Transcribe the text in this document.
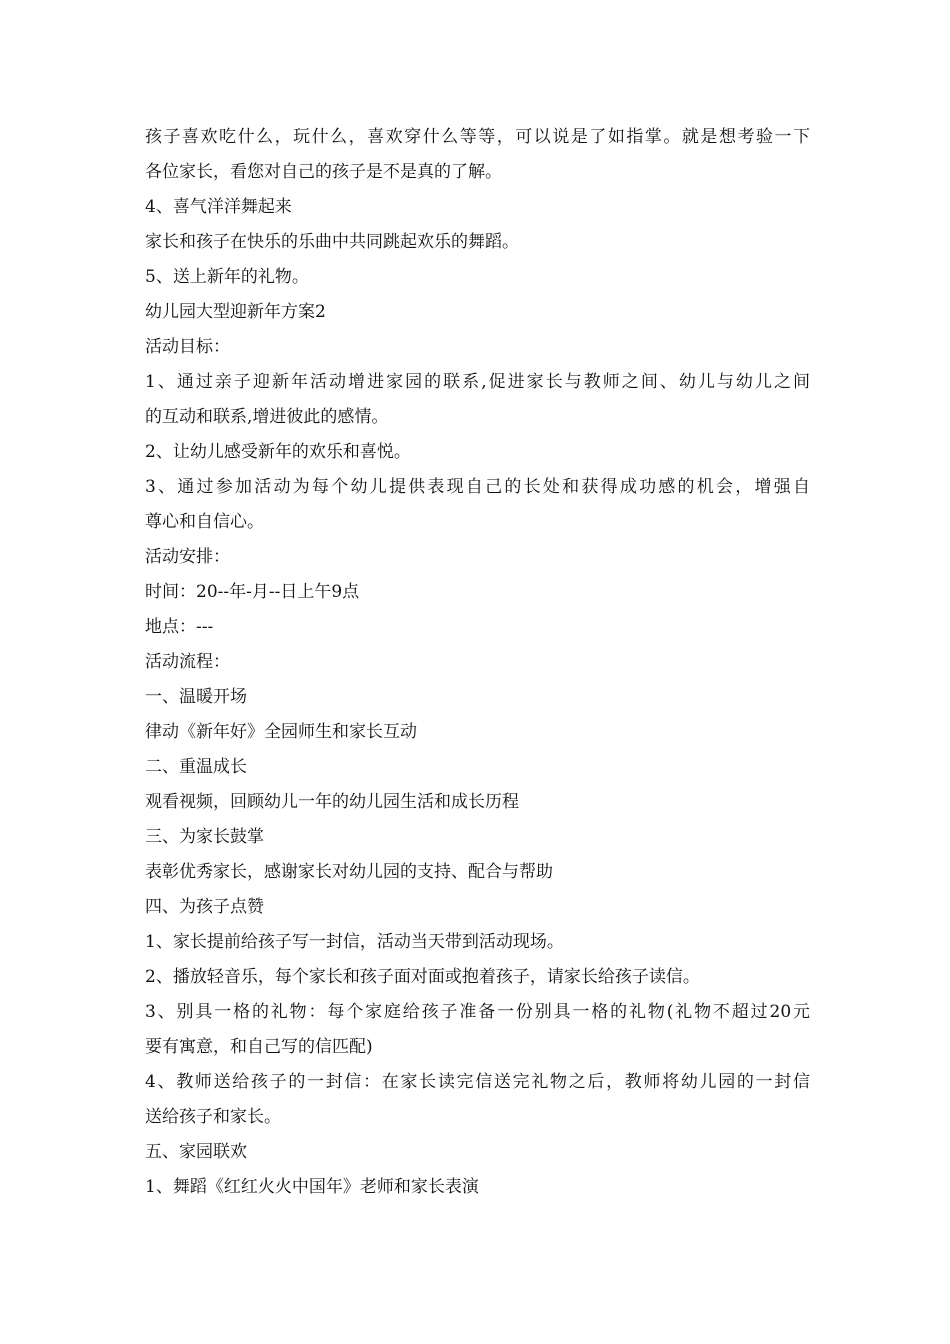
孩子喜欢吃什么，玩什么，喜欢穿什么等等，可以说是了如指掌。就是想考验一下

各位家长，看您对自己的孩子是不是真的了解。

4、喜气洋洋舞起来

家长和孩子在快乐的乐曲中共同跳起欢乐的舞蹈。

5、送上新年的礼物。

幼儿园大型迎新年方案2

活动目标：

1、通过亲子迎新年活动增进家园的联系,促进家长与教师之间、幼儿与幼儿之间

的互动和联系,增进彼此的感情。

2、让幼儿感受新年的欢乐和喜悦。

3、通过参加活动为每个幼儿提供表现自己的长处和获得成功感的机会，增强自

尊心和自信心。

活动安排：

时间：20--年-月--日上午9点

地点：---

活动流程：

一、温暖开场

律动《新年好》全园师生和家长互动

二、重温成长

观看视频，回顾幼儿一年的幼儿园生活和成长历程

三、为家长鼓掌

表彰优秀家长，感谢家长对幼儿园的支持、配合与帮助

四、为孩子点赞

1、家长提前给孩子写一封信，活动当天带到活动现场。

2、播放轻音乐，每个家长和孩子面对面或抱着孩子，请家长给孩子读信。

3、别具一格的礼物：每个家庭给孩子准备一份别具一格的礼物(礼物不超过20元

要有寓意，和自己写的信匹配)

4、教师送给孩子的一封信：在家长读完信送完礼物之后，教师将幼儿园的一封信

送给孩子和家长。

五、家园联欢

1、舞蹈《红红火火中国年》老师和家长表演
